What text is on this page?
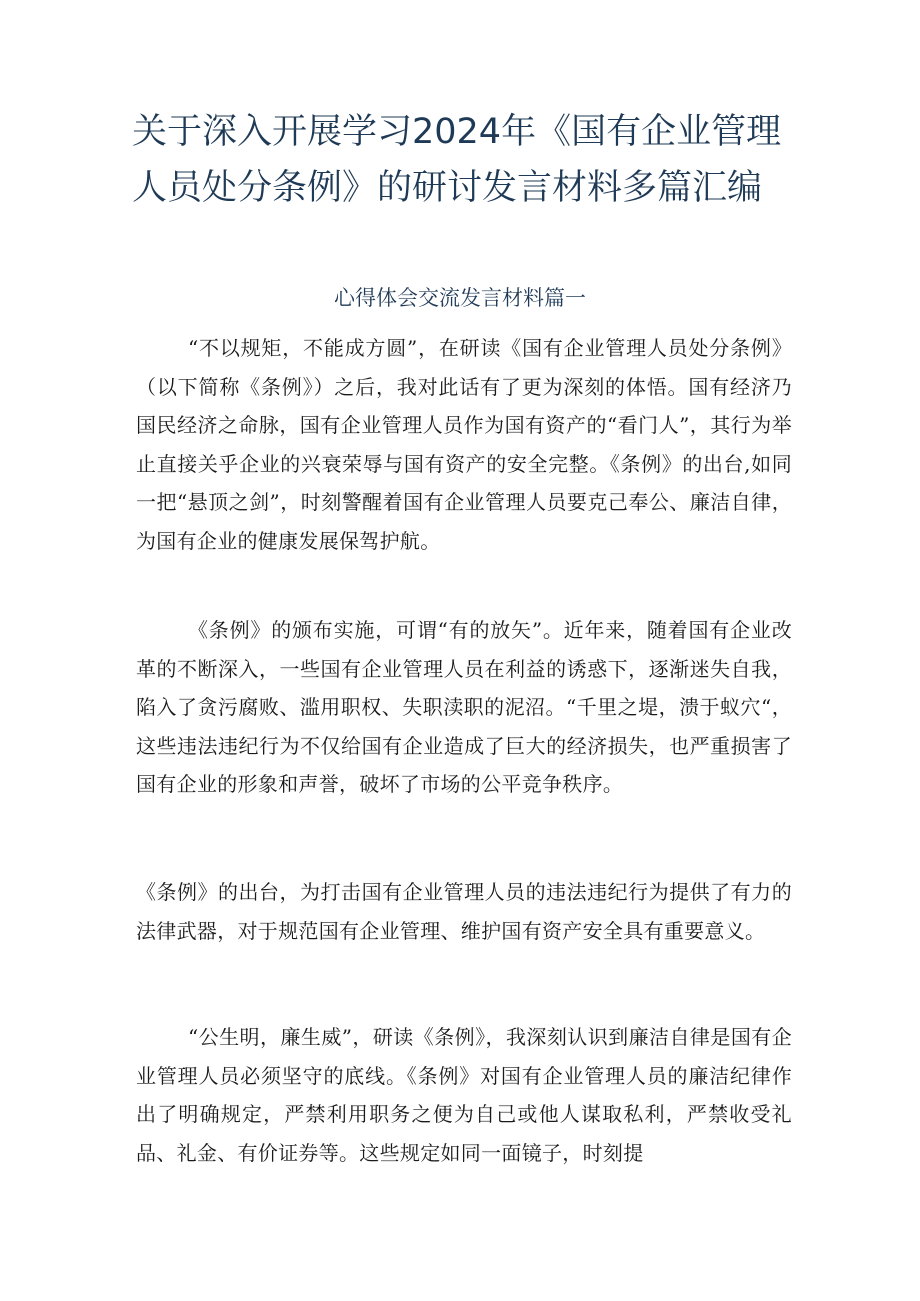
关于深入开展学习2024年《国有企业管理人员处分条例》的研讨发言材料多篇汇编
心得体会交流发言材料篇一

“不以规矩，不能成方圆”，在研读《国有企业管理人员处分条例》（以下简称《条例》）之后，我对此话有了更为深刻的体悟。国有经济乃国民经济之命脉，国有企业管理人员作为国有资产的“看门人”，其行为举止直接关乎企业的兴衰荣辱与国有资产的安全完整。《条例》的出台,如同一把“悬顶之剑”，时刻警醒着国有企业管理人员要克己奉公、廉洁自律，为国有企业的健康发展保驾护航。

《条例》的颁布实施，可谓“有的放矢”。近年来，随着国有企业改革的不断深入，一些国有企业管理人员在利益的诱惑下，逐渐迷失自我，陷入了贪污腐败、滥用职权、失职渎职的泥沼。“千里之堤，溃于蚁穴“，这些违法违纪行为不仅给国有企业造成了巨大的经济损失，也严重损害了国有企业的形象和声誉，破坏了市场的公平竞争秩序。

《条例》的出台，为打击国有企业管理人员的违法违纪行为提供了有力的法律武器，对于规范国有企业管理、维护国有资产安全具有重要意义。

“公生明，廉生威”，研读《条例》，我深刻认识到廉洁自律是国有企业管理人员必须坚守的底线。《条例》对国有企业管理人员的廉洁纪律作出了明确规定，严禁利用职务之便为自己或他人谋取私利，严禁收受礼品、礼金、有价证券等。这些规定如同一面镜子，时刻提
